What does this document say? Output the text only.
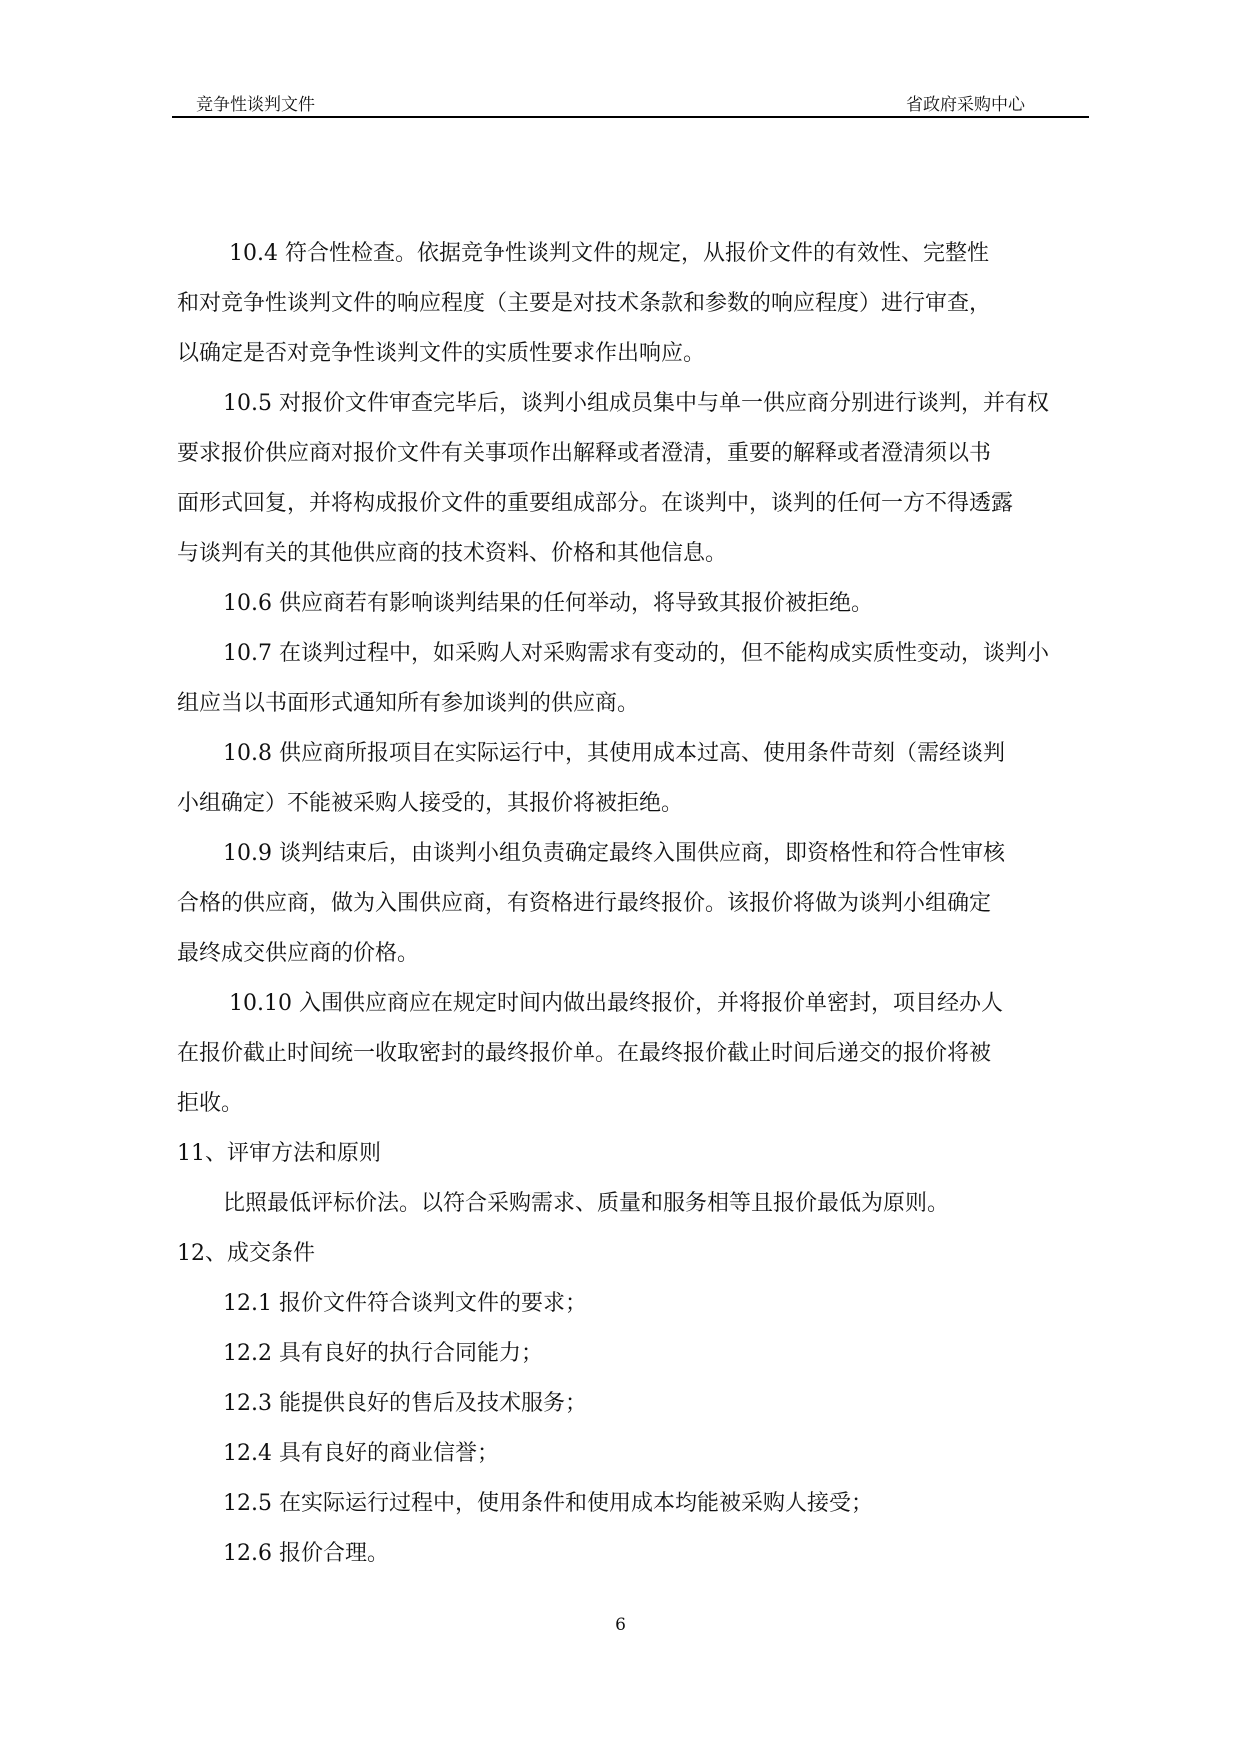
竞争性谈判文件	省政府采购中心

10.4 符合性检查。依据竞争性谈判文件的规定，从报价文件的有效性、完整性

和对竞争性谈判文件的响应程度（主要是对技术条款和参数的响应程度）进行审查，

以确定是否对竞争性谈判文件的实质性要求作出响应。

10.5 对报价文件审查完毕后，谈判小组成员集中与单一供应商分别进行谈判，并有权

要求报价供应商对报价文件有关事项作出解释或者澄清，重要的解释或者澄清须以书

面形式回复，并将构成报价文件的重要组成部分。在谈判中，谈判的任何一方不得透露

与谈判有关的其他供应商的技术资料、价格和其他信息。

10.6 供应商若有影响谈判结果的任何举动，将导致其报价被拒绝。

10.7 在谈判过程中，如采购人对采购需求有变动的，但不能构成实质性变动，谈判小

组应当以书面形式通知所有参加谈判的供应商。

10.8 供应商所报项目在实际运行中，其使用成本过高、使用条件苛刻（需经谈判

小组确定）不能被采购人接受的，其报价将被拒绝。

10.9 谈判结束后，由谈判小组负责确定最终入围供应商，即资格性和符合性审核

合格的供应商，做为入围供应商，有资格进行最终报价。该报价将做为谈判小组确定

最终成交供应商的价格。

10.10 入围供应商应在规定时间内做出最终报价，并将报价单密封，项目经办人

在报价截止时间统一收取密封的最终报价单。在最终报价截止时间后递交的报价将被

拒收。

11、评审方法和原则

比照最低评标价法。以符合采购需求、质量和服务相等且报价最低为原则。

12、成交条件

12.1 报价文件符合谈判文件的要求；

12.2 具有良好的执行合同能力；

12.3 能提供良好的售后及技术服务；

12.4 具有良好的商业信誉；

12.5 在实际运行过程中，使用条件和使用成本均能被采购人接受；

12.6 报价合理。

6
